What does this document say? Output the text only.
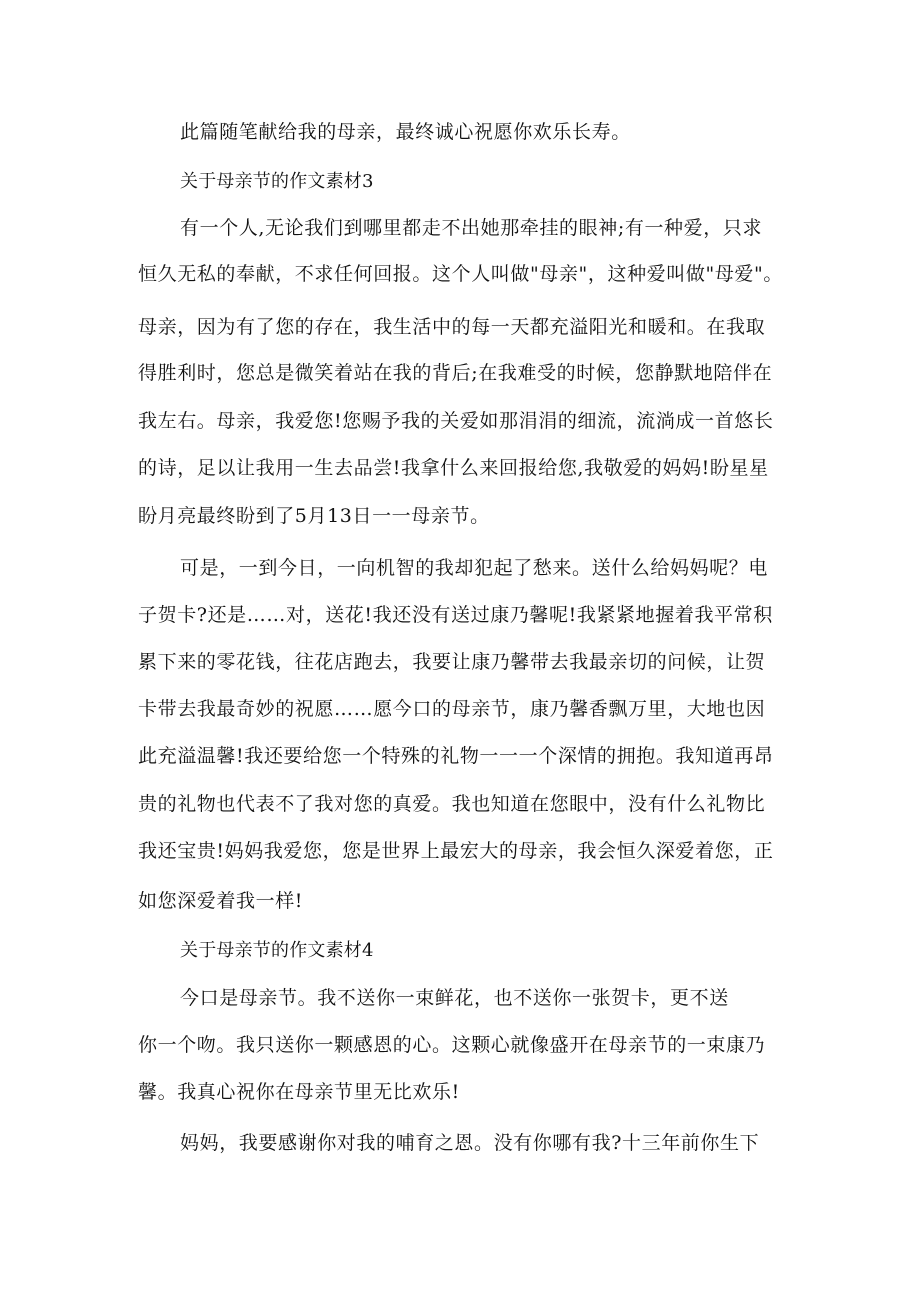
此篇随笔献给我的母亲，最终诚心祝愿你欢乐长寿。

关于母亲节的作文素材3

有一个人,无论我们到哪里都走不出她那牵挂的眼神;有一种爱，只求

恒久无私的奉献，不求任何回报。这个人叫做"母亲"，这种爱叫做"母爱"。

母亲，因为有了您的存在，我生活中的每一天都充溢阳光和暖和。在我取

得胜利时，您总是微笑着站在我的背后;在我难受的时候，您静默地陪伴在

我左右。母亲，我爱您!您赐予我的关爱如那涓涓的细流，流淌成一首悠长

的诗，足以让我用一生去品尝!我拿什么来回报给您,我敬爱的妈妈!盼星星

盼月亮最终盼到了5月13日一一母亲节。

可是，一到今日，一向机智的我却犯起了愁来。送什么给妈妈呢？电

子贺卡?还是……对，送花!我还没有送过康乃馨呢!我紧紧地握着我平常积

累下来的零花钱，往花店跑去，我要让康乃馨带去我最亲切的问候，让贺

卡带去我最奇妙的祝愿……愿今口的母亲节，康乃馨香飘万里，大地也因

此充溢温馨!我还要给您一个特殊的礼物一一一个深情的拥抱。我知道再昂

贵的礼物也代表不了我对您的真爱。我也知道在您眼中，没有什么礼物比

我还宝贵!妈妈我爱您，您是世界上最宏大的母亲，我会恒久深爱着您，正

如您深爱着我一样!

关于母亲节的作文素材4

今口是母亲节。我不送你一束鲜花，也不送你一张贺卡，更不送

你一个吻。我只送你一颗感恩的心。这颗心就像盛开在母亲节的一束康乃

馨。我真心祝你在母亲节里无比欢乐!

妈妈，我要感谢你对我的哺育之恩。没有你哪有我?十三年前你生下
